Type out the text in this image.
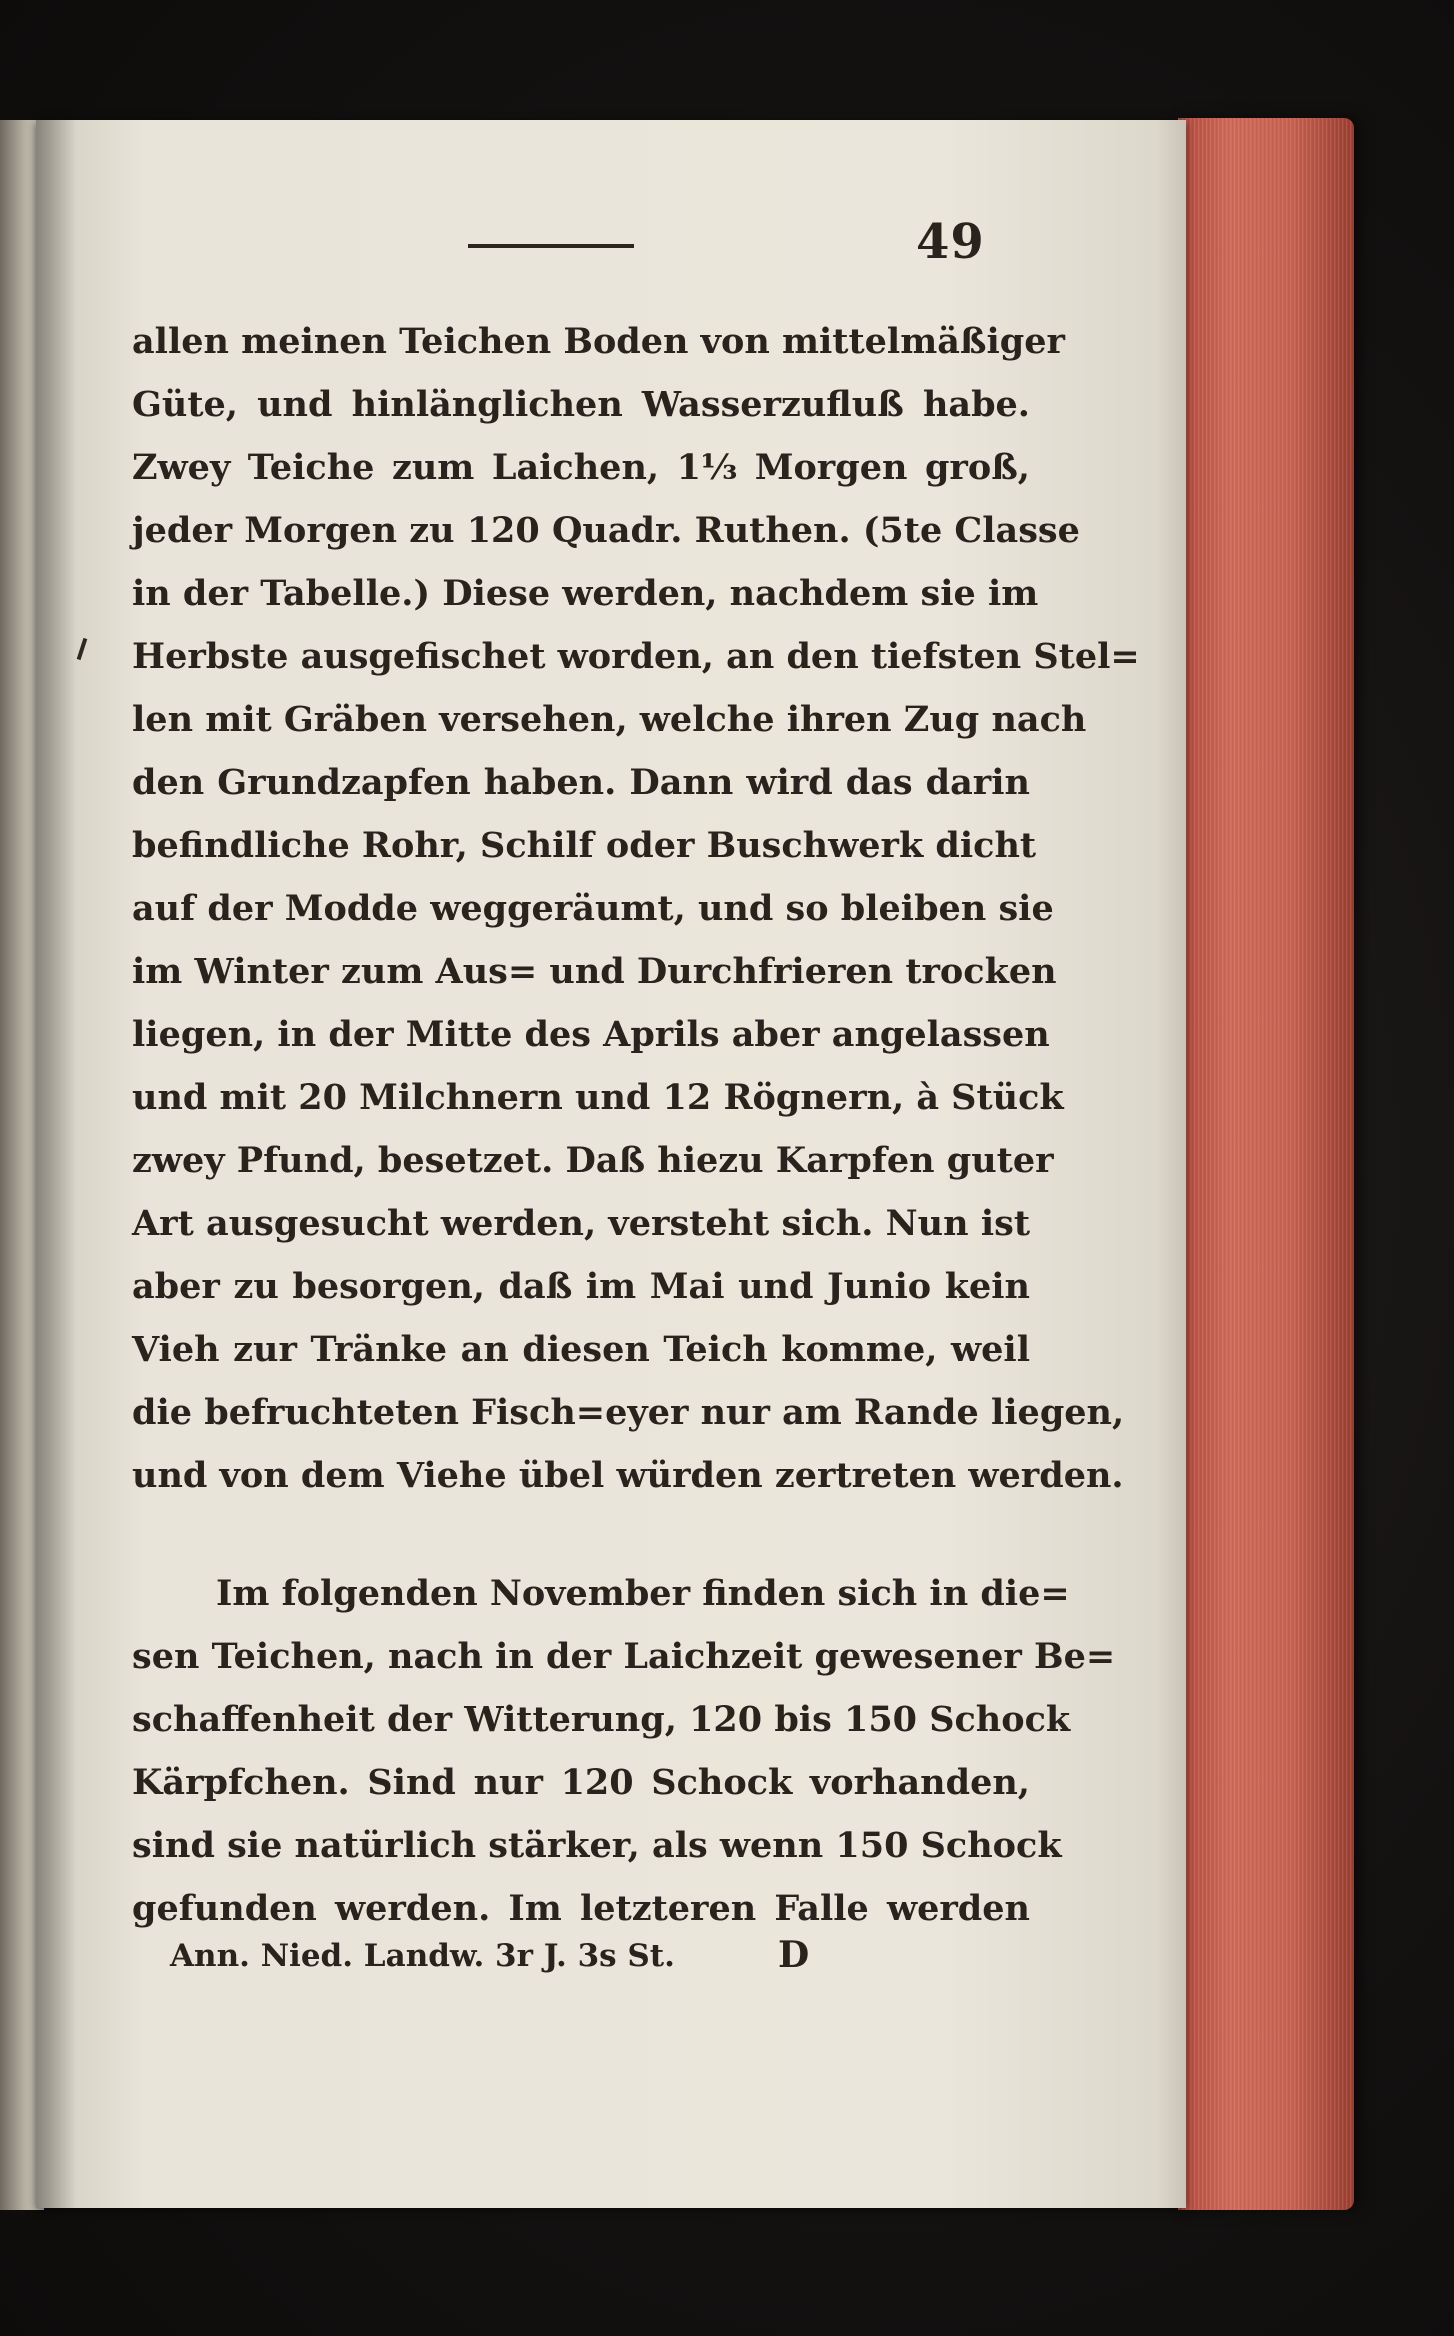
49
allen meinen Teichen Boden von mittelmäßiger
Güte, und hinlänglichen Wasserzufluß habe.
Zwey Teiche zum Laichen, 1⅓ Morgen groß,
jeder Morgen zu 120 Quadr. Ruthen. (5te Classe
in der Tabelle.) Diese werden, nachdem sie im
Herbste ausgefischet worden, an den tiefsten Stel=
len mit Gräben versehen, welche ihren Zug nach
den Grundzapfen haben. Dann wird das darin
befindliche Rohr, Schilf oder Buschwerk dicht
auf der Modde weggeräumt, und so bleiben sie
im Winter zum Aus= und Durchfrieren trocken
liegen, in der Mitte des Aprils aber angelassen
und mit 20 Milchnern und 12 Rögnern, à Stück
zwey Pfund, besetzet. Daß hiezu Karpfen guter
Art ausgesucht werden, versteht sich. Nun ist
aber zu besorgen, daß im Mai und Junio kein
Vieh zur Tränke an diesen Teich komme, weil
die befruchteten Fisch=eyer nur am Rande liegen,
und von dem Viehe übel würden zertreten werden.
Im folgenden November finden sich in die=
sen Teichen, nach in der Laichzeit gewesener Be=
schaffenheit der Witterung, 120 bis 150 Schock
Kärpfchen. Sind nur 120 Schock vorhanden,
sind sie natürlich stärker, als wenn 150 Schock
gefunden werden. Im letzteren Falle werden
Ann. Nied. Landw. 3r J. 3s St.	D
